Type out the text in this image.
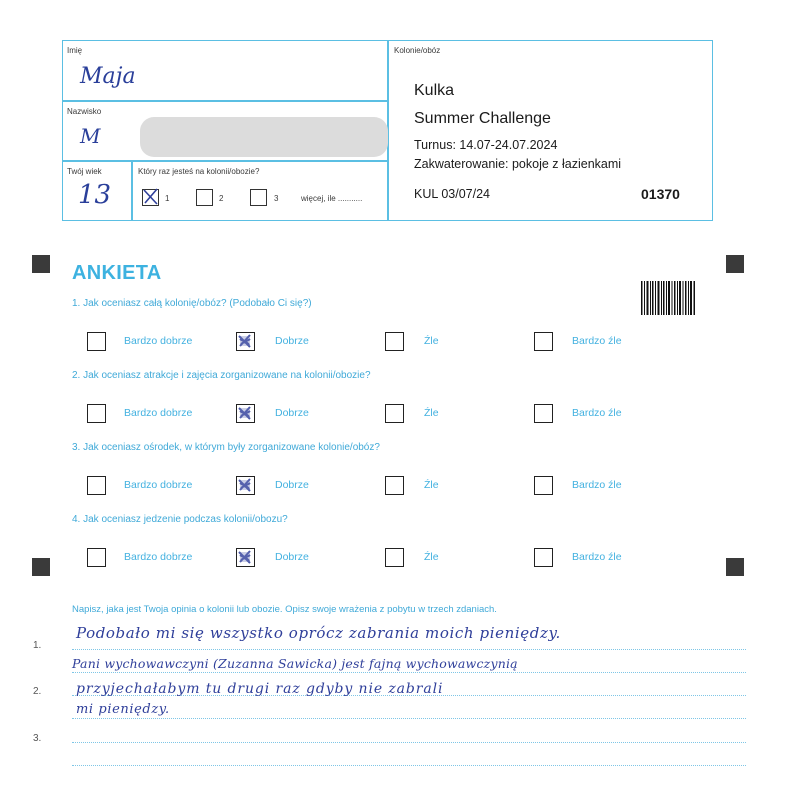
Imię
Maja
Nazwisko
M
Twój wiek
13
Który raz jesteś na kolonii/obozie?
1	2	3	więcej, ile ...........
Kolonie/obóz
Kulka
Summer Challenge
Turnus: 14.07-24.07.2024
Zakwaterowanie: pokoje z łazienkami
KUL 03/07/24	01370
ANKIETA
1. Jak oceniasz całą kolonię/obóz? (Podobało Ci się?)
Bardzo dobrze	Dobrze	Źle	Bardzo źle
2. Jak oceniasz atrakcje i zajęcia zorganizowane na kolonii/obozie?
Bardzo dobrze	Dobrze	Źle	Bardzo źle
3. Jak oceniasz ośrodek, w którym były zorganizowane kolonie/obóz?
Bardzo dobrze	Dobrze	Źle	Bardzo źle
4. Jak oceniasz jedzenie podczas kolonii/obozu?
Bardzo dobrze	Dobrze	Źle	Bardzo źle
Napisz, jaka jest Twoja opinia o kolonii lub obozie. Opisz swoje wrażenia z pobytu w trzech zdaniach.
1.
2.
3.
Podobało mi się wszystko oprócz zabrania moich pieniędzy.
Pani wychowawczyni (Zuzanna Sawicka) jest fajną wychowawczynią
przyjechałabym tu drugi raz gdyby nie zabrali
mi pieniędzy.
